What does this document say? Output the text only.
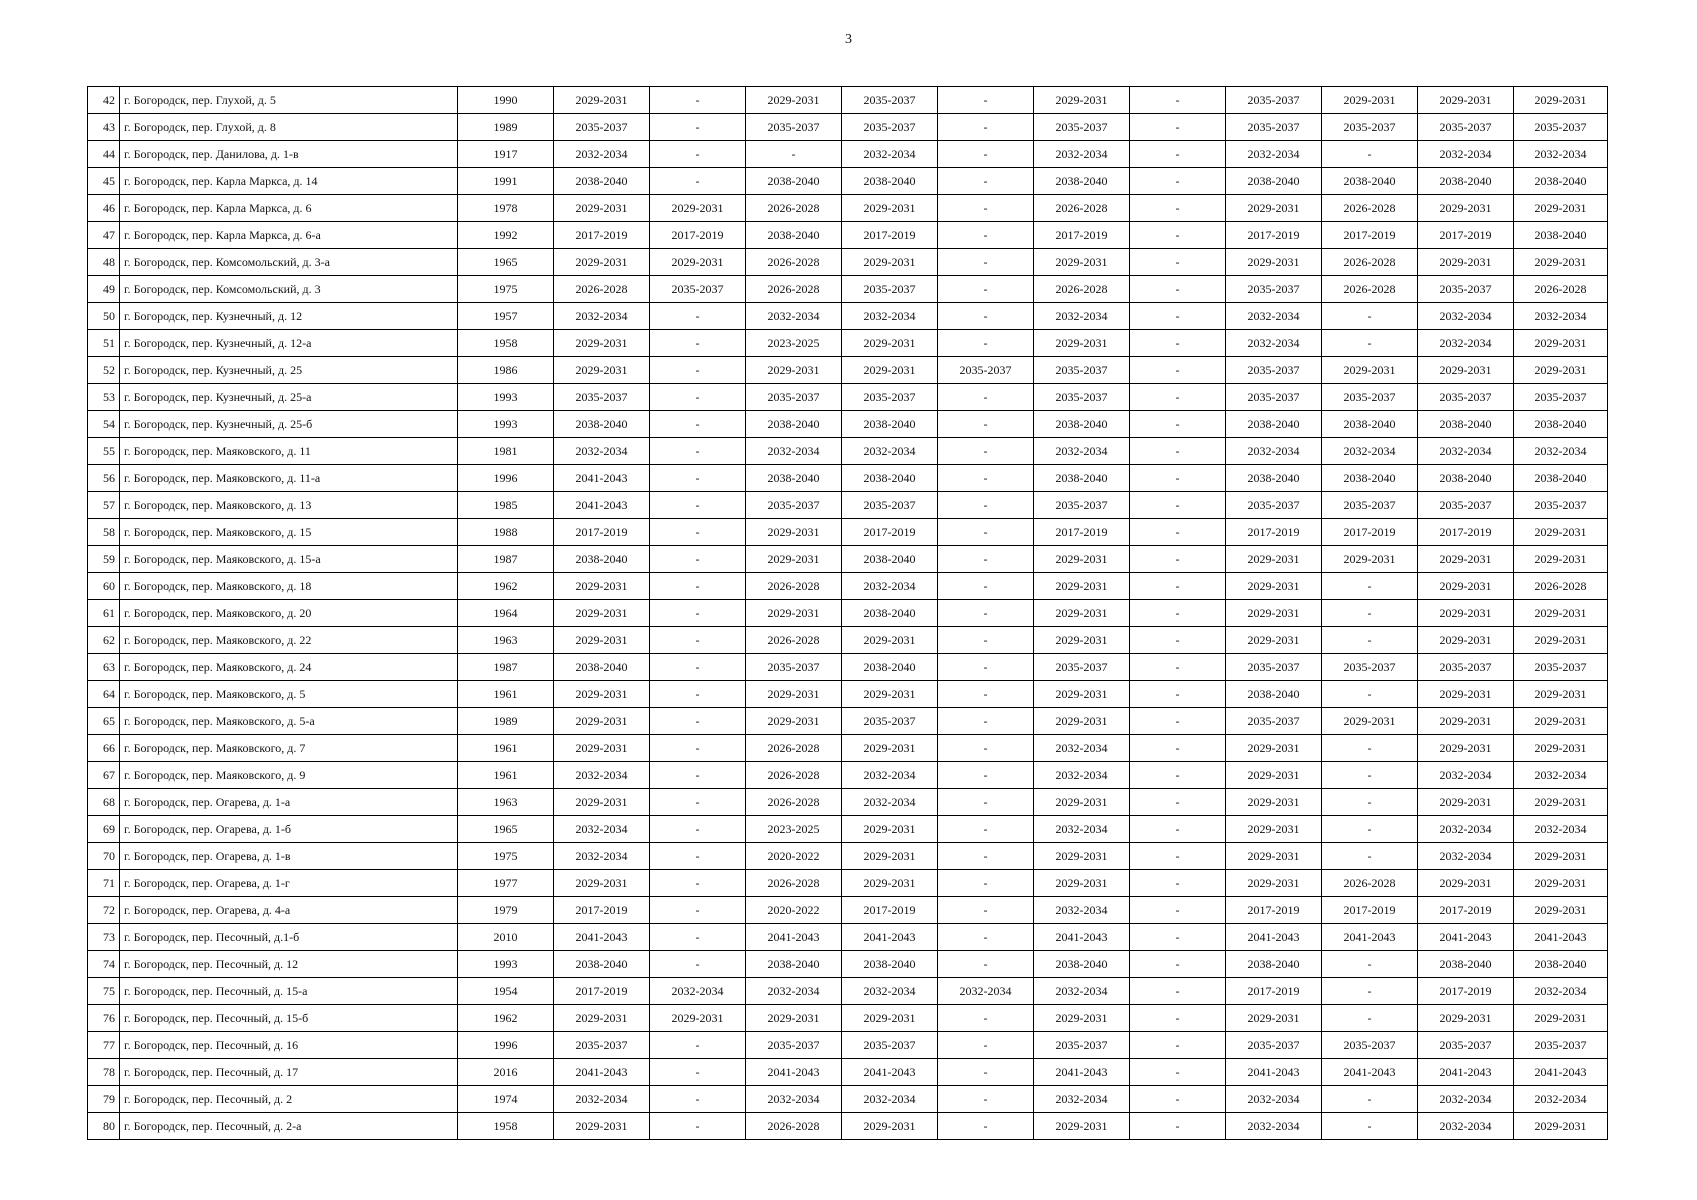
3
42	г. Богородск, пер. Глухой, д. 5	1990	2029-2031	-	2029-2031	2035-2037	-	2029-2031	-	2035-2037	2029-2031	2029-2031	2029-2031
43	г. Богородск, пер. Глухой, д. 8	1989	2035-2037	-	2035-2037	2035-2037	-	2035-2037	-	2035-2037	2035-2037	2035-2037	2035-2037
44	г. Богородск, пер. Данилова, д. 1-в	1917	2032-2034	-	-	2032-2034	-	2032-2034	-	2032-2034	-	2032-2034	2032-2034
45	г. Богородск, пер. Карла Маркса, д. 14	1991	2038-2040	-	2038-2040	2038-2040	-	2038-2040	-	2038-2040	2038-2040	2038-2040	2038-2040
46	г. Богородск, пер. Карла Маркса, д. 6	1978	2029-2031	2029-2031	2026-2028	2029-2031	-	2026-2028	-	2029-2031	2026-2028	2029-2031	2029-2031
47	г. Богородск, пер. Карла Маркса, д. 6-а	1992	2017-2019	2017-2019	2038-2040	2017-2019	-	2017-2019	-	2017-2019	2017-2019	2017-2019	2038-2040
48	г. Богородск, пер. Комсомольский, д. 3-а	1965	2029-2031	2029-2031	2026-2028	2029-2031	-	2029-2031	-	2029-2031	2026-2028	2029-2031	2029-2031
49	г. Богородск, пер. Комсомольский, д. 3	1975	2026-2028	2035-2037	2026-2028	2035-2037	-	2026-2028	-	2035-2037	2026-2028	2035-2037	2026-2028
50	г. Богородск, пер. Кузнечный, д. 12	1957	2032-2034	-	2032-2034	2032-2034	-	2032-2034	-	2032-2034	-	2032-2034	2032-2034
51	г. Богородск, пер. Кузнечный, д. 12-а	1958	2029-2031	-	2023-2025	2029-2031	-	2029-2031	-	2032-2034	-	2032-2034	2029-2031
52	г. Богородск, пер. Кузнечный, д. 25	1986	2029-2031	-	2029-2031	2029-2031	2035-2037	2035-2037	-	2035-2037	2029-2031	2029-2031	2029-2031
53	г. Богородск, пер. Кузнечный, д. 25-а	1993	2035-2037	-	2035-2037	2035-2037	-	2035-2037	-	2035-2037	2035-2037	2035-2037	2035-2037
54	г. Богородск, пер. Кузнечный, д. 25-б	1993	2038-2040	-	2038-2040	2038-2040	-	2038-2040	-	2038-2040	2038-2040	2038-2040	2038-2040
55	г. Богородск, пер. Маяковского, д. 11	1981	2032-2034	-	2032-2034	2032-2034	-	2032-2034	-	2032-2034	2032-2034	2032-2034	2032-2034
56	г. Богородск, пер. Маяковского, д. 11-а	1996	2041-2043	-	2038-2040	2038-2040	-	2038-2040	-	2038-2040	2038-2040	2038-2040	2038-2040
57	г. Богородск, пер. Маяковского, д. 13	1985	2041-2043	-	2035-2037	2035-2037	-	2035-2037	-	2035-2037	2035-2037	2035-2037	2035-2037
58	г. Богородск, пер. Маяковского, д. 15	1988	2017-2019	-	2029-2031	2017-2019	-	2017-2019	-	2017-2019	2017-2019	2017-2019	2029-2031
59	г. Богородск, пер. Маяковского, д. 15-а	1987	2038-2040	-	2029-2031	2038-2040	-	2029-2031	-	2029-2031	2029-2031	2029-2031	2029-2031
60	г. Богородск, пер. Маяковского, д. 18	1962	2029-2031	-	2026-2028	2032-2034	-	2029-2031	-	2029-2031	-	2029-2031	2026-2028
61	г. Богородск, пер. Маяковского, д. 20	1964	2029-2031	-	2029-2031	2038-2040	-	2029-2031	-	2029-2031	-	2029-2031	2029-2031
62	г. Богородск, пер. Маяковского, д. 22	1963	2029-2031	-	2026-2028	2029-2031	-	2029-2031	-	2029-2031	-	2029-2031	2029-2031
63	г. Богородск, пер. Маяковского, д. 24	1987	2038-2040	-	2035-2037	2038-2040	-	2035-2037	-	2035-2037	2035-2037	2035-2037	2035-2037
64	г. Богородск, пер. Маяковского, д. 5	1961	2029-2031	-	2029-2031	2029-2031	-	2029-2031	-	2038-2040	-	2029-2031	2029-2031
65	г. Богородск, пер. Маяковского, д. 5-а	1989	2029-2031	-	2029-2031	2035-2037	-	2029-2031	-	2035-2037	2029-2031	2029-2031	2029-2031
66	г. Богородск, пер. Маяковского, д. 7	1961	2029-2031	-	2026-2028	2029-2031	-	2032-2034	-	2029-2031	-	2029-2031	2029-2031
67	г. Богородск, пер. Маяковского, д. 9	1961	2032-2034	-	2026-2028	2032-2034	-	2032-2034	-	2029-2031	-	2032-2034	2032-2034
68	г. Богородск, пер. Огарева, д. 1-а	1963	2029-2031	-	2026-2028	2032-2034	-	2029-2031	-	2029-2031	-	2029-2031	2029-2031
69	г. Богородск, пер. Огарева, д. 1-б	1965	2032-2034	-	2023-2025	2029-2031	-	2032-2034	-	2029-2031	-	2032-2034	2032-2034
70	г. Богородск, пер. Огарева, д. 1-в	1975	2032-2034	-	2020-2022	2029-2031	-	2029-2031	-	2029-2031	-	2032-2034	2029-2031
71	г. Богородск, пер. Огарева, д. 1-г	1977	2029-2031	-	2026-2028	2029-2031	-	2029-2031	-	2029-2031	2026-2028	2029-2031	2029-2031
72	г. Богородск, пер. Огарева, д. 4-а	1979	2017-2019	-	2020-2022	2017-2019	-	2032-2034	-	2017-2019	2017-2019	2017-2019	2029-2031
73	г. Богородск, пер. Песочный, д.1-б	2010	2041-2043	-	2041-2043	2041-2043	-	2041-2043	-	2041-2043	2041-2043	2041-2043	2041-2043
74	г. Богородск, пер. Песочный, д. 12	1993	2038-2040	-	2038-2040	2038-2040	-	2038-2040	-	2038-2040	-	2038-2040	2038-2040
75	г. Богородск, пер. Песочный, д. 15-а	1954	2017-2019	2032-2034	2032-2034	2032-2034	2032-2034	2032-2034	-	2017-2019	-	2017-2019	2032-2034
76	г. Богородск, пер. Песочный, д. 15-б	1962	2029-2031	2029-2031	2029-2031	2029-2031	-	2029-2031	-	2029-2031	-	2029-2031	2029-2031
77	г. Богородск, пер. Песочный, д. 16	1996	2035-2037	-	2035-2037	2035-2037	-	2035-2037	-	2035-2037	2035-2037	2035-2037	2035-2037
78	г. Богородск, пер. Песочный, д. 17	2016	2041-2043	-	2041-2043	2041-2043	-	2041-2043	-	2041-2043	2041-2043	2041-2043	2041-2043
79	г. Богородск, пер. Песочный, д. 2	1974	2032-2034	-	2032-2034	2032-2034	-	2032-2034	-	2032-2034	-	2032-2034	2032-2034
80	г. Богородск, пер. Песочный, д. 2-а	1958	2029-2031	-	2026-2028	2029-2031	-	2029-2031	-	2032-2034	-	2032-2034	2029-2031
